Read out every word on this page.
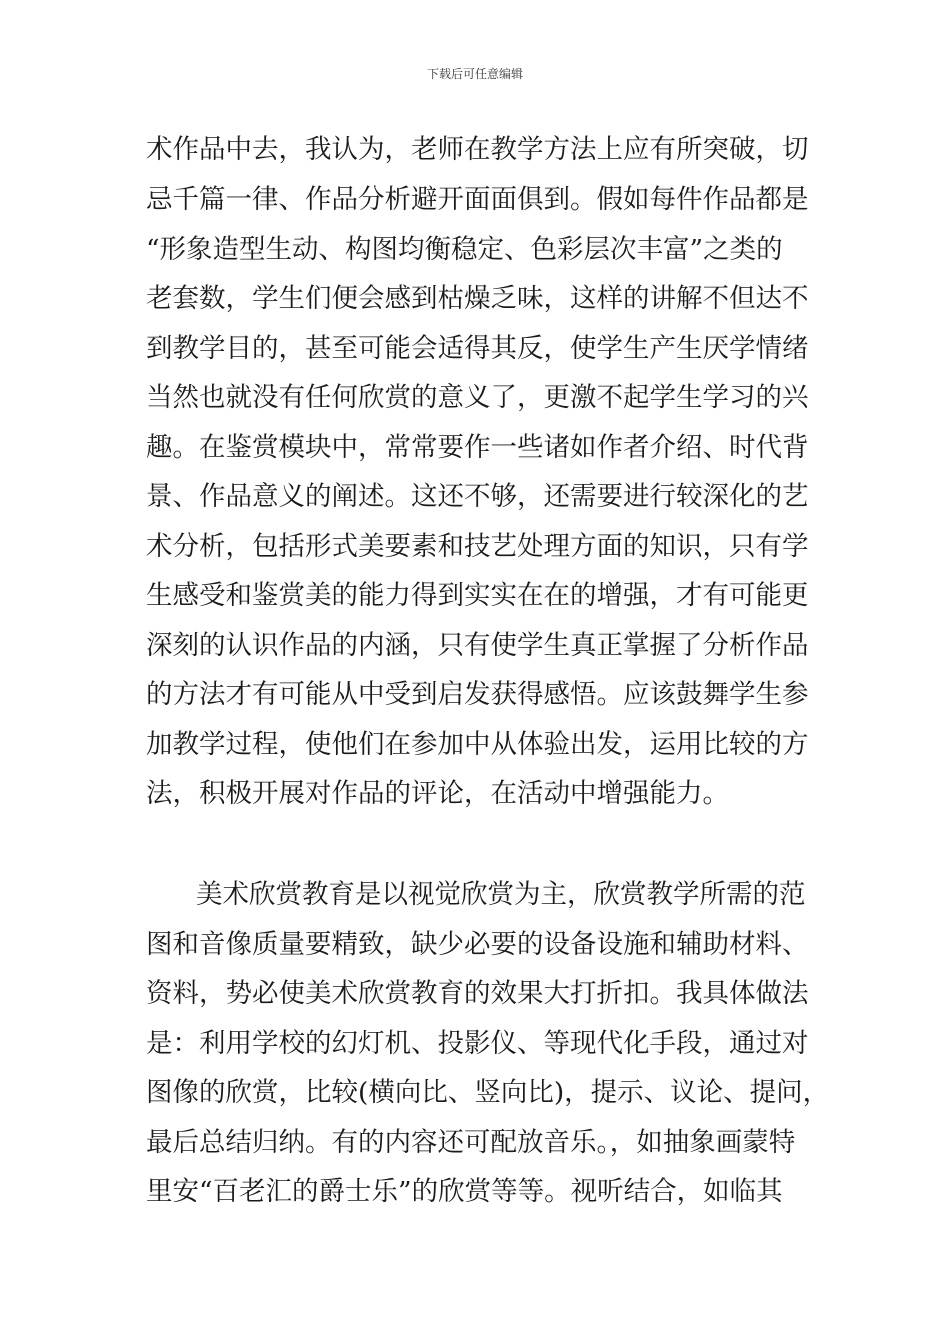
下载后可任意编辑
术作品中去，我认为，老师在教学方法上应有所突破，切
忌千篇一律、作品分析避开面面俱到。假如每件作品都是
“形象造型生动、构图均衡稳定、色彩层次丰富”之类的
老套数，学生们便会感到枯燥乏味，这样的讲解不但达不
到教学目的，甚至可能会适得其反，使学生产生厌学情绪
当然也就没有任何欣赏的意义了，更激不起学生学习的兴
趣。在鉴赏模块中，常常要作一些诸如作者介绍、时代背
景、作品意义的阐述。这还不够，还需要进行较深化的艺
术分析，包括形式美要素和技艺处理方面的知识，只有学
生感受和鉴赏美的能力得到实实在在的增强，才有可能更
深刻的认识作品的内涵，只有使学生真正掌握了分析作品
的方法才有可能从中受到启发获得感悟。应该鼓舞学生参
加教学过程，使他们在参加中从体验出发，运用比较的方
法，积极开展对作品的评论，在活动中增强能力。
美术欣赏教育是以视觉欣赏为主，欣赏教学所需的范
图和音像质量要精致，缺少必要的设备设施和辅助材料、
资料，势必使美术欣赏教育的效果大打折扣。我具体做法
是：利用学校的幻灯机、投影仪、等现代化手段，通过对
图像的欣赏，比较(横向比、竖向比)，提示、议论、提问，
最后总结归纳。有的内容还可配放音乐。，如抽象画蒙特
里安“百老汇的爵士乐”的欣赏等等。视听结合，如临其
